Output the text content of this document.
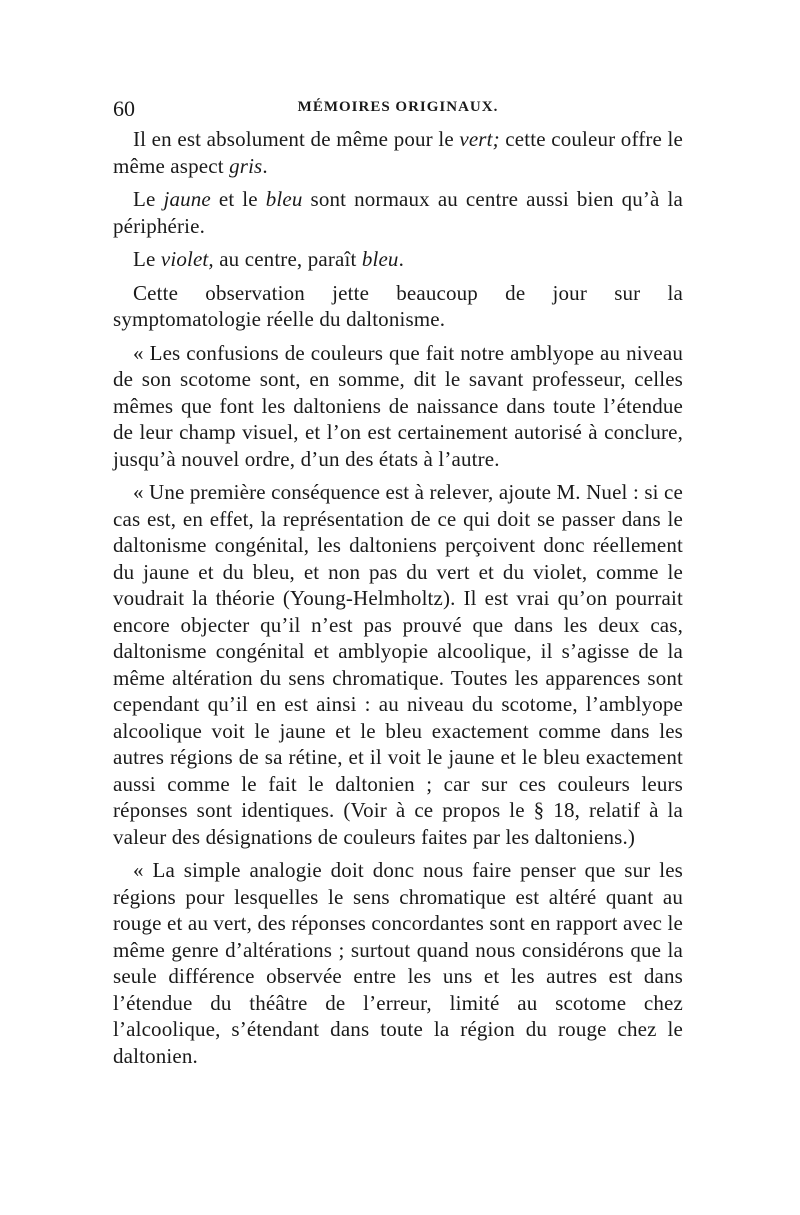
60	MÉMOIRES ORIGINAUX.

Il en est absolument de même pour le vert; cette couleur offre le même aspect gris.

Le jaune et le bleu sont normaux au centre aussi bien qu’à la périphérie.

Le violet, au centre, paraît bleu.

Cette observation jette beaucoup de jour sur la symptomatologie réelle du daltonisme.

« Les confusions de couleurs que fait notre amblyope au niveau de son scotome sont, en somme, dit le savant professeur, celles mêmes que font les daltoniens de naissance dans toute l’étendue de leur champ visuel, et l’on est certainement autorisé à conclure, jusqu’à nouvel ordre, d’un des états à l’autre.

« Une première conséquence est à relever, ajoute M. Nuel : si ce cas est, en effet, la représentation de ce qui doit se passer dans le daltonisme congénital, les daltoniens perçoivent donc réellement du jaune et du bleu, et non pas du vert et du violet, comme le voudrait la théorie (Young-Helmholtz). Il est vrai qu’on pourrait encore objecter qu’il n’est pas prouvé que dans les deux cas, daltonisme congénital et amblyopie alcoolique, il s’agisse de la même altération du sens chromatique. Toutes les apparences sont cependant qu’il en est ainsi : au niveau du scotome, l’amblyope alcoolique voit le jaune et le bleu exactement comme dans les autres régions de sa rétine, et il voit le jaune et le bleu exactement aussi comme le fait le daltonien ; car sur ces couleurs leurs réponses sont identiques. (Voir à ce propos le § 18, relatif à la valeur des désignations de couleurs faites par les daltoniens.)

« La simple analogie doit donc nous faire penser que sur les régions pour lesquelles le sens chromatique est altéré quant au rouge et au vert, des réponses concordantes sont en rapport avec le même genre d’altérations ; surtout quand nous considérons que la seule différence observée entre les uns et les autres est dans l’étendue du théâtre de l’erreur, limité au scotome chez l’alcoolique, s’étendant dans toute la région du rouge chez le daltonien.
